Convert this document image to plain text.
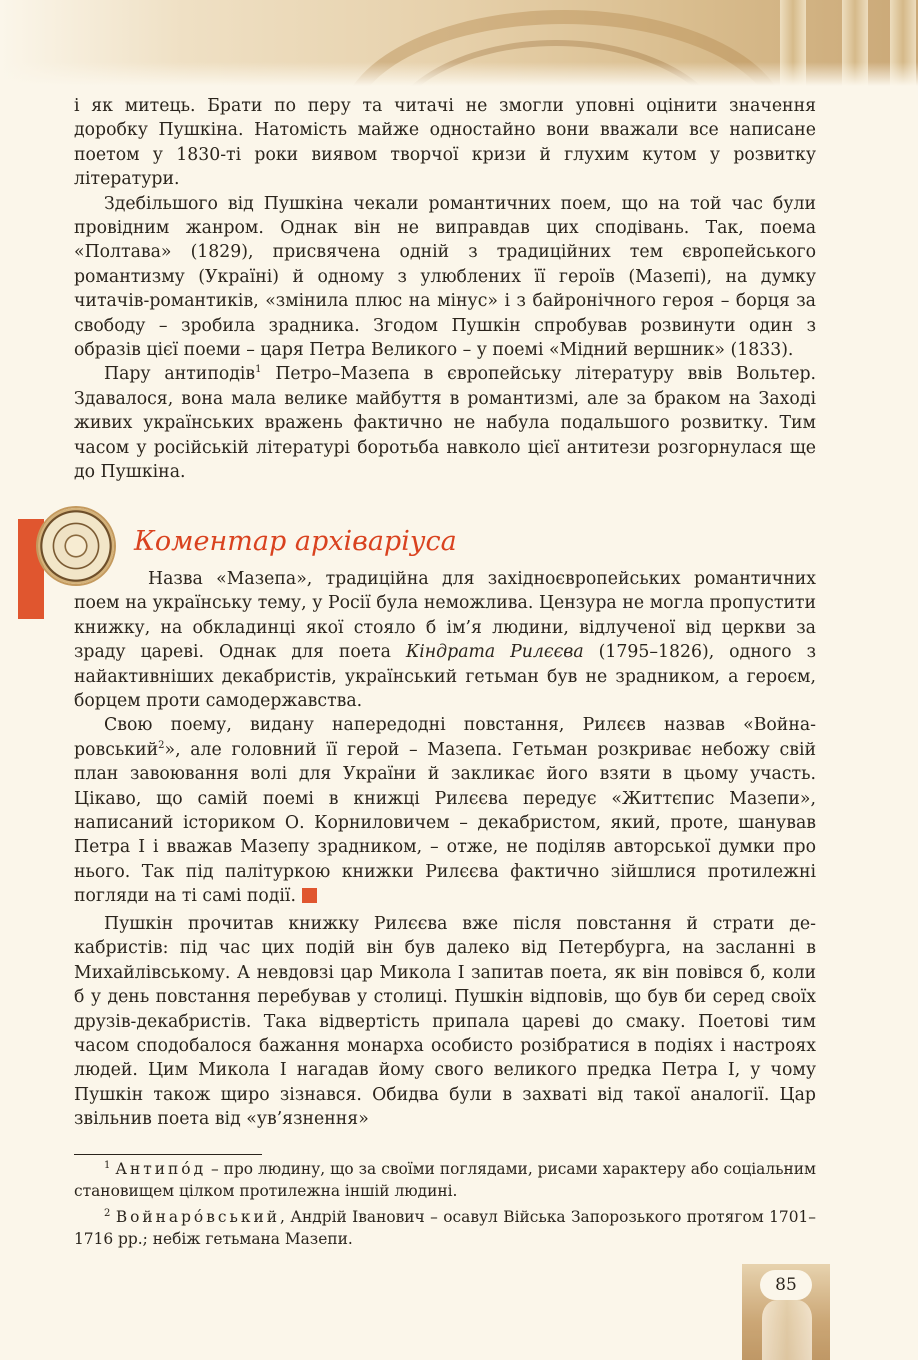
і як митець. Брати по перу та читачі не змогли уповні оцінити значення доробку Пушкіна. Натомість майже одностайно вони вважали все написане поетом у 1830-ті роки виявом творчої кризи й глухим кутом у розвитку літератури.

Здебільшого від Пушкіна чекали романтичних поем, що на той час були провідним жанром. Однак він не виправдав цих сподівань. Так, поема «Полтава» (1829), присвячена одній з традиційних тем європейського романтизму (Україні) й одному з улюблених її героїв (Мазепі), на думку читачів-романтиків, «змінила плюс на мінус» і з байронічного героя – борця за свободу – зробила зрадника. Згодом Пушкін спробував розвинути один з образів цієї поеми – царя Петра Великого – у поемі «Мідний вершник» (1833).

Пару антиподів$^1$ Петро–Мазепа в європейську літературу ввів Вольтер. Здавалося, вона мала велике майбуття в романтизмі, але за браком на Заході живих українських вражень фактично не набула подальшого розвитку. Тим часом у російській літературі боротьба навколо цієї антитези розгорнулася ще до Пушкіна.

Коментар архіваріуса

Назва «Мазепа», традиційна для західноєвропейських романтичних поем на українську тему, у Росії була неможлива. Цензура не могла пропустити книжку, на обкладинці якої стояло б ім’я людини, відлученої від церкви за зраду цареві. Однак для поета Кіндрата Рилєєва (1795–1826), одного з найактивніших декабристів, український гетьман був не зрадником, а героєм, борцем проти самодержавства.

Свою поему, видану напередодні повстання, Рилєєв назвав «Войнаровський$^2$», але головний її герой – Мазепа. Гетьман розкриває небожу свій план завоювання волі для України й закликає його взяти в цьому участь. Цікаво, що самій поемі в книжці Рилєєва передує «Життєпис Мазепи», написаний істориком О. Корниловичем – декабристом, який, проте, шанував Петра І і вважав Мазепу зрадником, – отже, не поділяв авторської думки про нього. Так під палітуркою книжки Рилєєва фактично зійшлися протилежні погляди на ті самі події.

Пушкін прочитав книжку Рилєєва вже після повстання й страти декабристів: під час цих подій він був далеко від Петербурга, на засланні в Михайлівському. А невдовзі цар Микола І запитав поета, як він повівся б, коли б у день повстання перебував у столиці. Пушкін відповів, що був би серед своїх друзів-декабристів. Така відвертість припала цареві до смаку. Поетові тим часом сподобалося бажання монарха особисто розібратися в подіях і настроях людей. Цим Микола І нагадав йому свого великого предка Петра І, у чому Пушкін також щиро зізнався. Обидва були в захваті від такої аналогії. Цар звільнив поета від «ув’язнення»

$^1$ Антипо́д – про людину, що за своїми поглядами, рисами характеру або соціальним становищем цілком протилежна іншій людині.

$^2$ Войнаро́вський, Андрій Іванович – осавул Війська Запорозького протягом 1701–1716 рр.; небіж гетьмана Мазепи.

85
